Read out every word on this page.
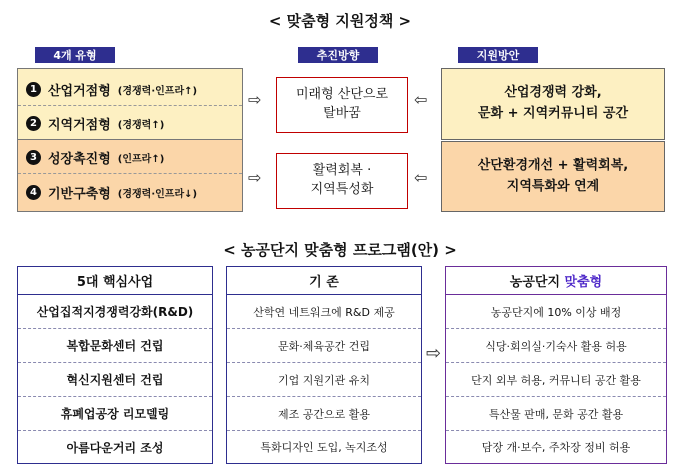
< 맞춤형 지원정책 >
4개 유형	추진방향	지원방안
1 산업거점형 (경쟁력·인프라↑)
2 지역거점형 (경쟁력↑)
3 성장촉진형 (인프라↑)
4 기반구축형 (경쟁력·인프라↓)
⇨
⇨
미래형 산단으로
탈바꿈
활력회복 ·
지역특성화
⇦
⇦
산업경쟁력 강화,
문화 + 지역커뮤니티 공간
산단환경개선 + 활력회복,
지역특화와 연계
< 농공단지 맞춤형 프로그램(안) >
5대 핵심사업
산업집적지경쟁력강화(R&D)
복합문화센터 건립
혁신지원센터 건립
휴폐업공장 리모델링
아름다운거리 조성
기 존
산학연 네트워크에 R&D 제공
문화·체육공간 건립
기업 지원기관 유치
제조 공간으로 활용
특화디자인 도입, 녹지조성
⇨
농공단지 맞춤형
농공단지에 10% 이상 배정
식당·회의실·기숙사 활용 허용
단지 외부 허용, 커뮤니티 공간 활용
특산물 판매, 문화 공간 활용
담장 개·보수, 주차장 정비 허용
